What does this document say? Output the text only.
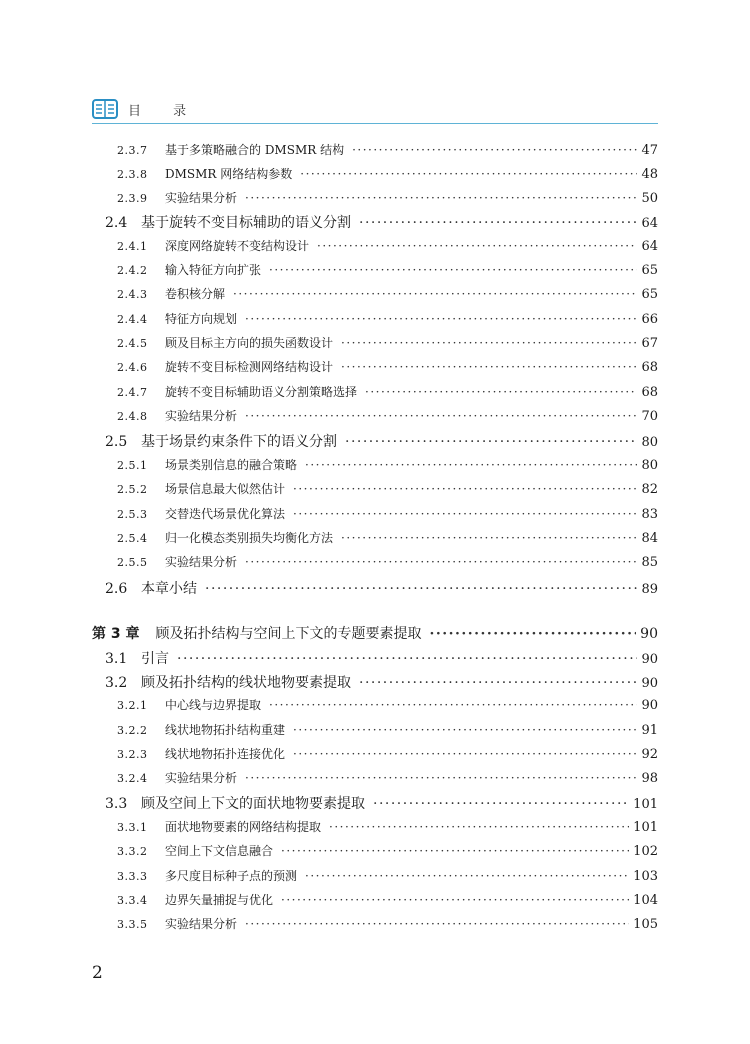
目 录
2.3.7	基于多策略融合的 DMSMR 结构 ·····	47
2.3.8	DMSMR 网络结构参数 ·····	48
2.3.9	实验结果分析 ·····	50
2.4 基于旋转不变目标辅助的语义分割 ·····	64
2.4.1	深度网络旋转不变结构设计 ·····	64
2.4.2	输入特征方向扩张 ·····	65
2.4.3	卷积核分解 ·····	65
2.4.4	特征方向规划 ·····	66
2.4.5	顾及目标主方向的损失函数设计 ·····	67
2.4.6	旋转不变目标检测网络结构设计 ·····	68
2.4.7	旋转不变目标辅助语义分割策略选择 ·····	68
2.4.8	实验结果分析 ·····	70
2.5 基于场景约束条件下的语义分割 ·····	80
2.5.1	场景类别信息的融合策略 ·····	80
2.5.2	场景信息最大似然估计 ·····	82
2.5.3	交替迭代场景优化算法 ·····	83
2.5.4	归一化模态类别损失均衡化方法 ·····	84
2.5.5	实验结果分析 ·····	85
2.6 本章小结 ·····	89
第 3 章 顾及拓扑结构与空间上下文的专题要素提取 ·····	90
3.1 引言 ·····	90
3.2 顾及拓扑结构的线状地物要素提取 ·····	90
3.2.1	中心线与边界提取 ·····	90
3.2.2	线状地物拓扑结构重建 ·····	91
3.2.3	线状地物拓扑连接优化 ·····	92
3.2.4	实验结果分析 ·····	98
3.3 顾及空间上下文的面状地物要素提取 ·····	101
3.3.1	面状地物要素的网络结构提取 ·····	101
3.3.2	空间上下文信息融合 ·····	102
3.3.3	多尺度目标种子点的预测 ·····	103
3.3.4	边界矢量捕捉与优化 ·····	104
3.3.5	实验结果分析 ·····	105
2
